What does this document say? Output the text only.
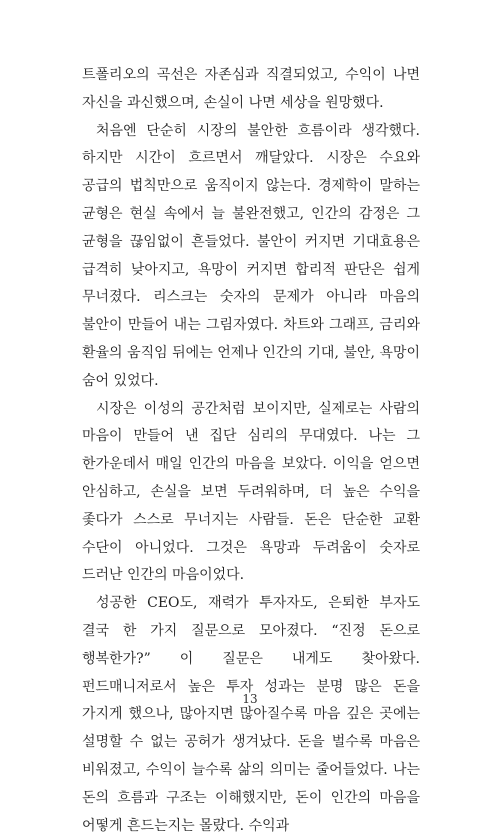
트폴리오의 곡선은 자존심과 직결되었고, 수익이 나면 자신을 과신했으며, 손실이 나면 세상을 원망했다.

처음엔 단순히 시장의 불안한 흐름이라 생각했다. 하지만 시간이 흐르면서 깨달았다. 시장은 수요와 공급의 법칙만으로 움직이지 않는다. 경제학이 말하는 균형은 현실 속에서 늘 불완전했고, 인간의 감정은 그 균형을 끊임없이 흔들었다. 불안이 커지면 기대효용은 급격히 낮아지고, 욕망이 커지면 합리적 판단은 쉽게 무너졌다. 리스크는 숫자의 문제가 아니라 마음의 불안이 만들어 내는 그림자였다. 차트와 그래프, 금리와 환율의 움직임 뒤에는 언제나 인간의 기대, 불안, 욕망이 숨어 있었다.

시장은 이성의 공간처럼 보이지만, 실제로는 사람의 마음이 만들어 낸 집단 심리의 무대였다. 나는 그 한가운데서 매일 인간의 마음을 보았다. 이익을 얻으면 안심하고, 손실을 보면 두려워하며, 더 높은 수익을 좇다가 스스로 무너지는 사람들. 돈은 단순한 교환 수단이 아니었다. 그것은 욕망과 두려움이 숫자로 드러난 인간의 마음이었다.

성공한 CEO도, 재력가 투자자도, 은퇴한 부자도 결국 한 가지 질문으로 모아졌다. “진정 돈으로 행복한가?” 이 질문은 내게도 찾아왔다. 펀드매니저로서 높은 투자 성과는 분명 많은 돈을 가지게 했으나, 많아지면 많아질수록 마음 깊은 곳에는 설명할 수 없는 공허가 생겨났다. 돈을 벌수록 마음은 비워졌고, 수익이 늘수록 삶의 의미는 줄어들었다. 나는 돈의 흐름과 구조는 이해했지만, 돈이 인간의 마음을 어떻게 흔드는지는 몰랐다. 수익과

13
